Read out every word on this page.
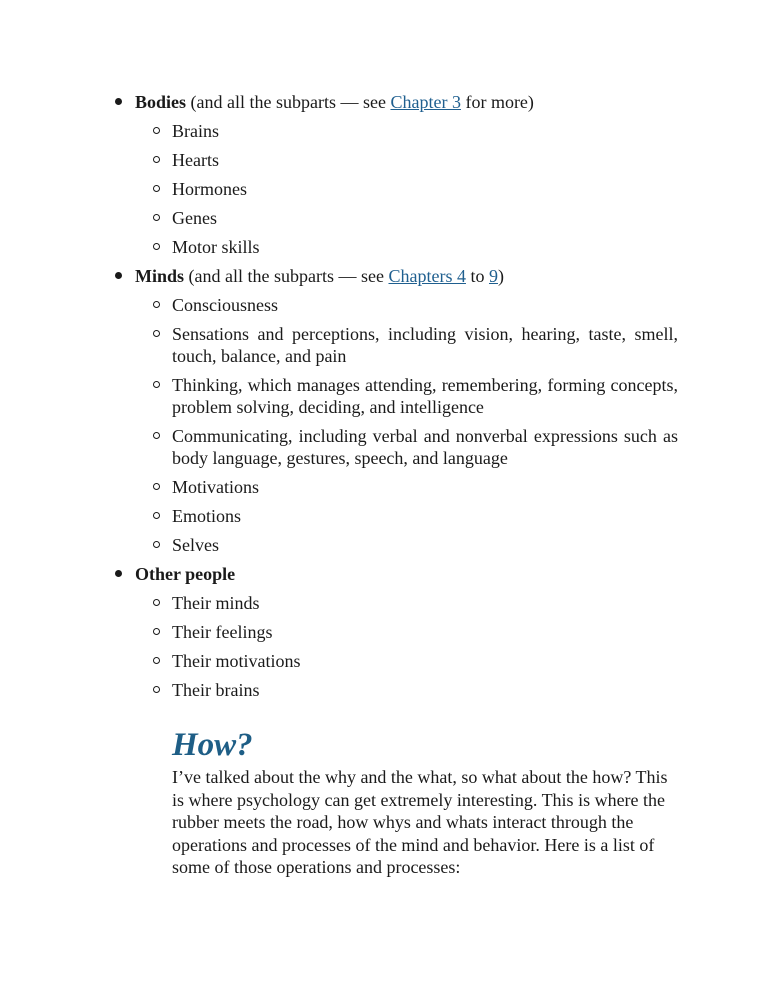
Bodies (and all the subparts — see Chapter 3 for more)
Brains
Hearts
Hormones
Genes
Motor skills
Minds (and all the subparts — see Chapters 4 to 9)
Consciousness
Sensations and perceptions, including vision, hearing, taste, smell, touch, balance, and pain
Thinking, which manages attending, remembering, forming concepts, problem solving, deciding, and intelligence
Communicating, including verbal and nonverbal expressions such as body language, gestures, speech, and language
Motivations
Emotions
Selves
Other people
Their minds
Their feelings
Their motivations
Their brains
How?

I’ve talked about the why and the what, so what about the how? This is where psychology can get extremely interesting. This is where the rubber meets the road, how whys and whats interact through the operations and processes of the mind and behavior. Here is a list of some of those operations and processes:
